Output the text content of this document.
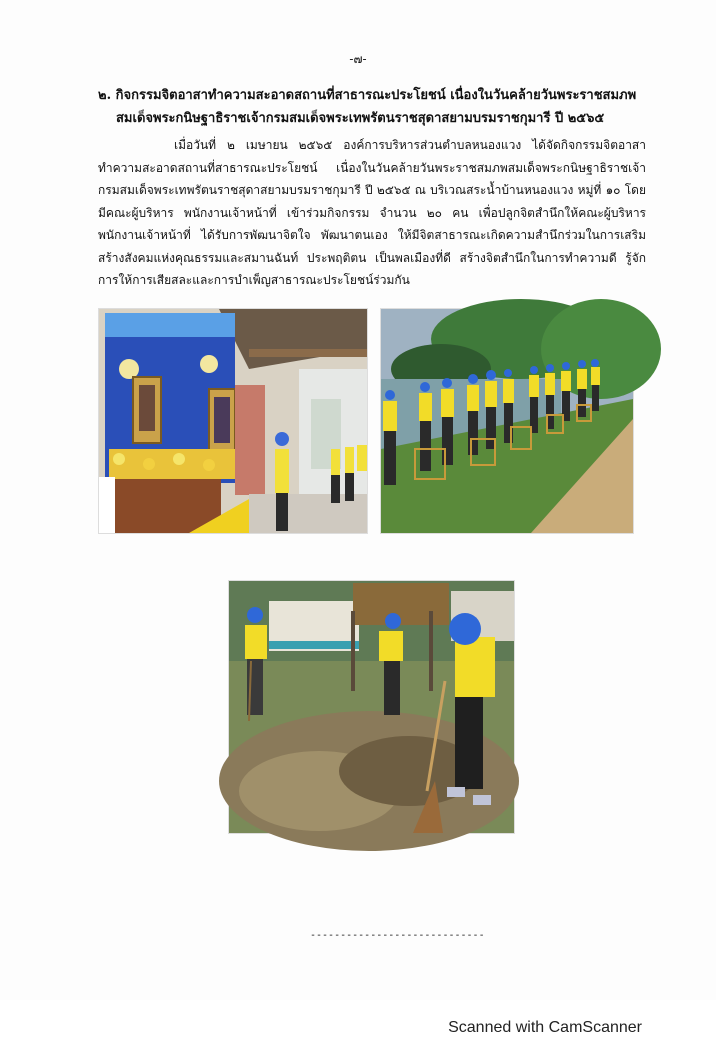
-๗-
๒. กิจกรรมจิตอาสาทำความสะอาดสถานที่สาธารณะประโยชน์ เนื่องในวันคล้ายวันพระราชสมภพ
สมเด็จพระกนิษฐาธิราชเจ้ากรมสมเด็จพระเทพรัตนราชสุดาสยามบรมราชกุมารี ปี ๒๕๖๕
เมื่อวันที่ ๒ เมษายน ๒๕๖๕ องค์การบริหารส่วนตำบลหนองแวง ได้จัดกิจกรรมจิตอาสาทำความสะอาดสถานที่สาธารณะประโยชน์ เนื่องในวันคล้ายวันพระราชสมภพสมเด็จพระกนิษฐาธิราชเจ้ากรมสมเด็จพระเทพรัตนราชสุดาสยามบรมราชกุมารี ปี ๒๕๖๕ ณ บริเวณสระน้ำบ้านหนองแวง หมู่ที่ ๑๐ โดยมีคณะผู้บริหาร พนักงานเจ้าหน้าที่ เข้าร่วมกิจกรรม จำนวน ๒๐ คน เพื่อปลูกจิตสำนึกให้คณะผู้บริหาร พนักงานเจ้าหน้าที่ ได้รับการพัฒนาจิตใจ พัฒนาตนเอง ให้มีจิตสาธารณะเกิดความสำนึกร่วมในการเสริมสร้างสังคมแห่งคุณธรรมและสมานฉันท์ ประพฤติตน เป็นพลเมืองที่ดี สร้างจิตสำนึกในการทำความดี รู้จักการให้การเสียสละและการบำเพ็ญสาธารณะประโยชน์ร่วมกัน
-----------------------------
Scanned with CamScanner
